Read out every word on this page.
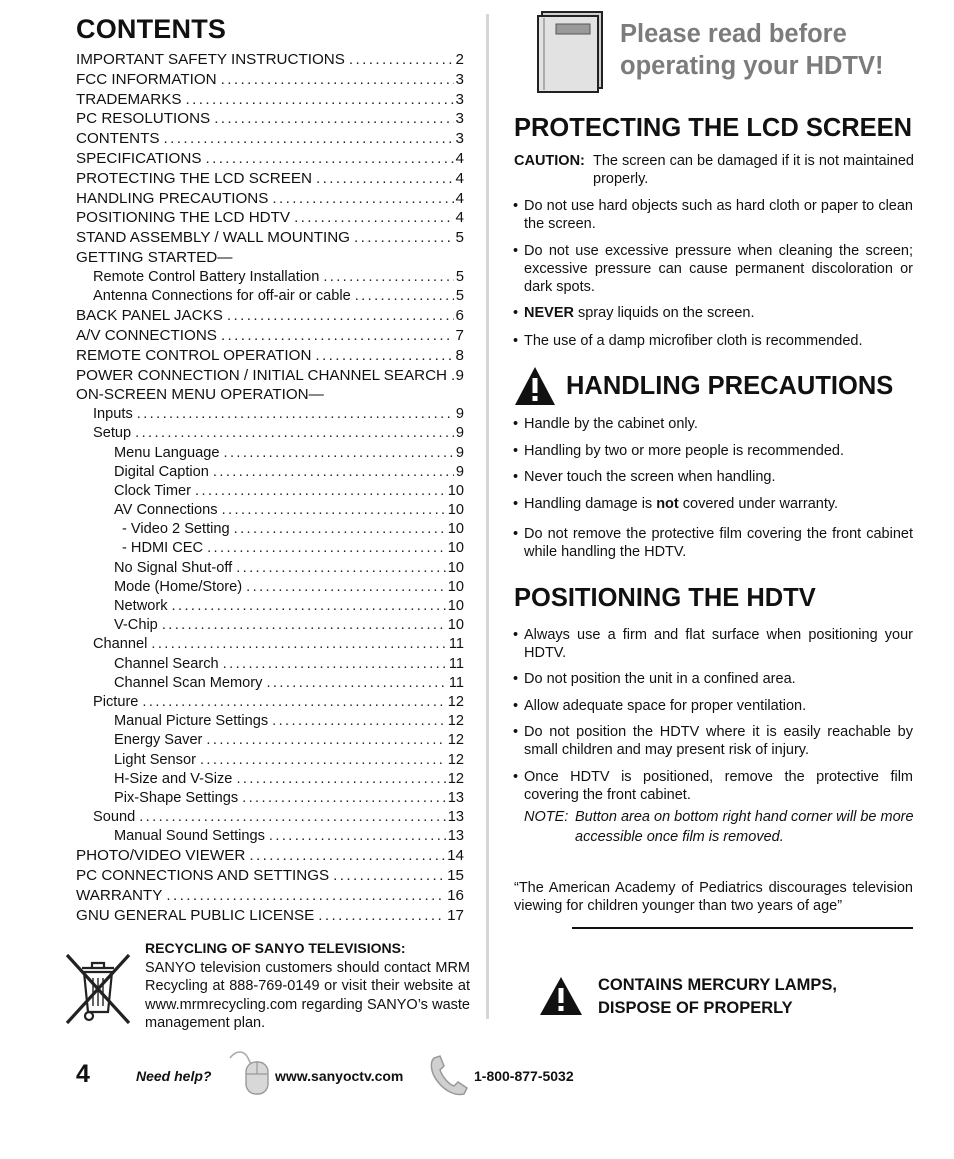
CONTENTS
IMPORTANT SAFETY INSTRUCTIONS .....	2
FCC INFORMATION .....	3
TRADEMARKS .....	3
PC RESOLUTIONS .....	3
CONTENTS .....	3
SPECIFICATIONS .....	4
PROTECTING THE LCD SCREEN .....	4
HANDLING PRECAUTIONS .....	4
POSITIONING THE LCD HDTV .....	4
STAND ASSEMBLY / WALL MOUNTING .....	5
GETTING STARTED—
Remote Control Battery Installation .....	5
Antenna Connections for off-air or cable .....	5
BACK PANEL JACKS .....	6
A/V CONNECTIONS .....	7
REMOTE CONTROL OPERATION .....	8
POWER CONNECTION / INITIAL CHANNEL SEARCH ..... 9
ON-SCREEN MENU OPERATION—
Inputs .....	9
Setup .....	9
Menu Language .....	9
Digital Caption .....	9
Clock Timer .....	10
AV Connections .....	10
- Video 2 Setting .....	10
- HDMI CEC .....	10
No Signal Shut-off .....	10
Mode (Home/Store) .....	10
Network .....	10
V-Chip .....	10
Channel .....	11
Channel Search .....	11
Channel Scan Memory .....	11
Picture .....	12
Manual Picture Settings .....	12
Energy Saver .....	12
Light Sensor .....	12
H-Size and V-Size .....	12
Pix-Shape Settings .....	13
Sound .....	13
Manual Sound Settings .....	13
PHOTO/VIDEO VIEWER .....	14
PC CONNECTIONS AND SETTINGS .....	15
WARRANTY .....	16
GNU GENERAL PUBLIC LICENSE .....	17
RECYCLING OF SANYO TELEVISIONS:

SANYO television customers should contact MRM Recycling at 888-769-0149 or visit their website at www.mrmrecycling.com regarding SANYO’s waste management plan.

4	Need help?	www.sanyoctv.com	1-800-877-5032
Please read before
operating your HDTV!
PROTECTING THE LCD SCREEN
CAUTION: The screen can be damaged if it is not maintained properly.
• Do not use hard objects such as hard cloth or paper to clean the screen.
• Do not use excessive pressure when cleaning the screen; excessive pressure can cause permanent discoloration or dark spots.
• NEVER spray liquids on the screen.
• The use of a damp microfiber cloth is recommended.
HANDLING PRECAUTIONS
• Handle by the cabinet only.
• Handling by two or more people is recommended.
• Never touch the screen when handling.
• Handling damage is not covered under warranty.
• Do not remove the protective film covering the front cabinet while handling the HDTV.
POSITIONING THE HDTV
• Always use a firm and flat surface when positioning your HDTV.
• Do not position the unit in a confined area.
• Allow adequate space for proper ventilation.
• Do not position the HDTV where it is easily reachable by small children and may present risk of injury.
• Once HDTV is positioned, remove the protective film covering the front cabinet.
NOTE: Button area on bottom right hand corner will be more accessible once film is removed.

“The American Academy of Pediatrics discourages television viewing for children younger than two years of age”

CONTAINS MERCURY LAMPS,
DISPOSE OF PROPERLY
